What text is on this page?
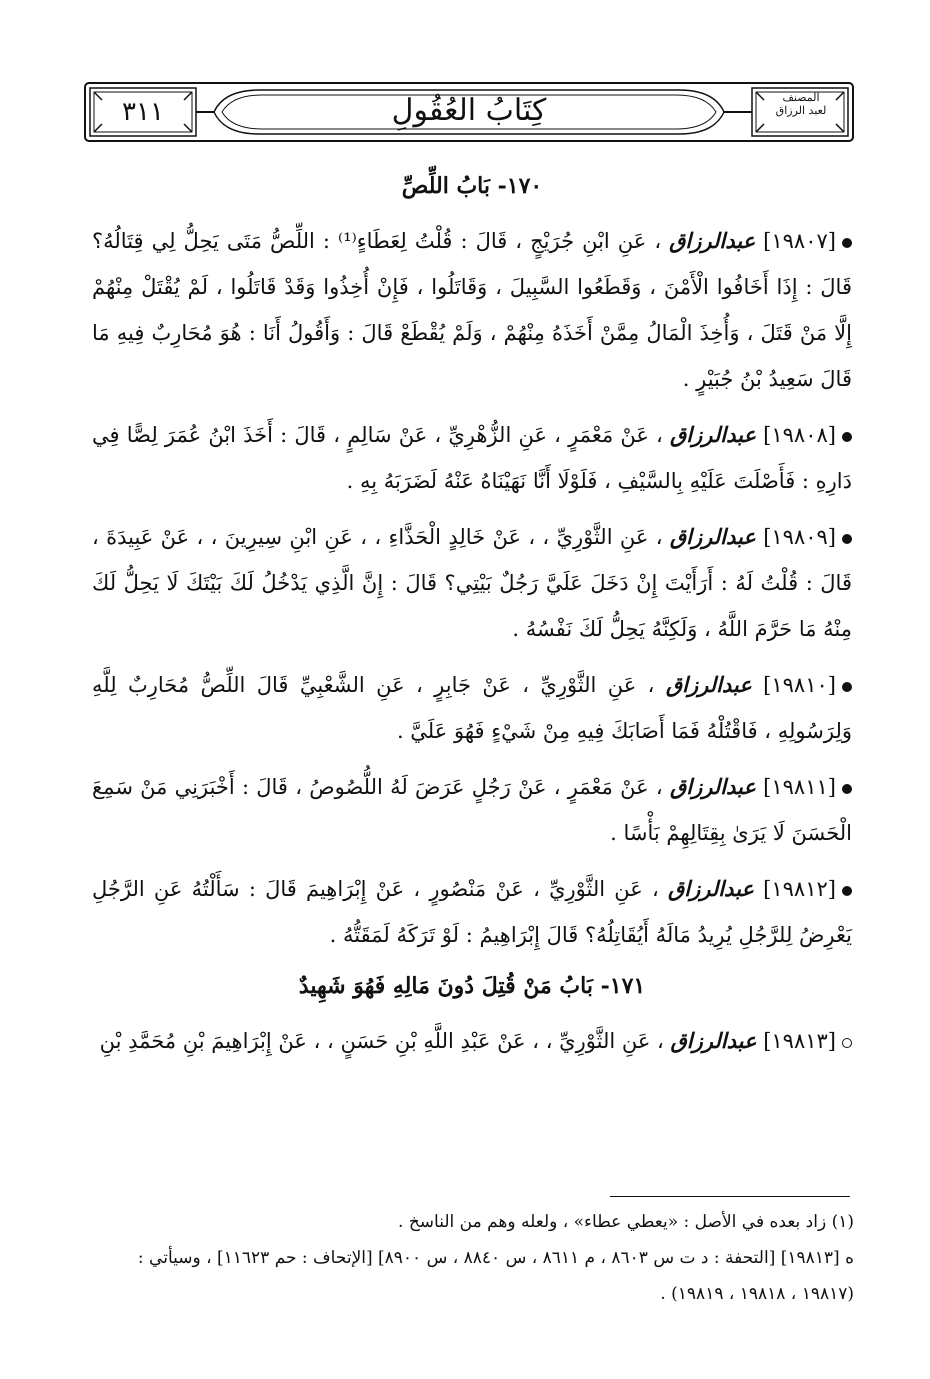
٣١١	كِتَابُ العُقُولِ	المصنف
لعبد الرزاق
١٧٠- بَابُ اللِّصِّ
[١٩٨٠٧] عبدالرزاق ، عَنِ ابْنِ جُرَيْجٍ ، قَالَ : قُلْتُ لِعَطَاءٍ⁽¹⁾ : اللِّصُّ مَتَى يَحِلُّ لِي قِتَالُهُ؟ قَالَ : إِذَا أَخَافُوا الْأَمْنَ ، وَقَطَعُوا السَّبِيلَ ، وَقَاتَلُوا ، فَإِنْ أُخِذُوا وَقَدْ قَاتَلُوا ، لَمْ يُقْتَلْ مِنْهُمْ إِلَّا مَنْ قَتَلَ ، وَأُخِذَ الْمَالُ مِمَّنْ أَخَذَهُ مِنْهُمْ ، وَلَمْ يُقْطَعْ قَالَ : وَأَقُولُ أَنَا : هُوَ مُحَارِبٌ فِيهِ مَا قَالَ سَعِيدُ بْنُ جُبَيْرٍ .
[١٩٨٠٨] عبدالرزاق ، عَنْ مَعْمَرٍ ، عَنِ الزُّهْرِيِّ ، عَنْ سَالِمٍ ، قَالَ : أَخَذَ ابْنُ عُمَرَ لِصًّا فِي دَارِهِ : فَأَصْلَتَ عَلَيْهِ بِالسَّيْفِ ، فَلَوْلَا أَنَّا نَهَيْنَاهُ عَنْهُ لَضَرَبَهُ بِهِ .
[١٩٨٠٩] عبدالرزاق ، عَنِ الثَّوْرِيِّ ، ، عَنْ خَالِدٍ الْحَذَّاءِ ، ، عَنِ ابْنِ سِيرِينَ ، ، عَنْ عَبِيدَةَ ، قَالَ : قُلْتُ لَهُ : أَرَأَيْتَ إِنْ دَخَلَ عَلَيَّ رَجُلٌ بَيْتِي؟ قَالَ : إِنَّ الَّذِي يَدْخُلُ لَكَ بَيْتَكَ لَا يَحِلُّ لَكَ مِنْهُ مَا حَرَّمَ اللَّهُ ، وَلَكِنَّهُ يَحِلُّ لَكَ نَفْسُهُ .
[١٩٨١٠] عبدالرزاق ، عَنِ الثَّوْرِيِّ ، عَنْ جَابِرٍ ، عَنِ الشَّعْبِيِّ قَالَ اللِّصُّ مُحَارِبٌ لِلَّهِ وَلِرَسُولِهِ ، فَاقْتُلْهُ فَمَا أَصَابَكَ فِيهِ مِنْ شَيْءٍ فَهُوَ عَلَيَّ .
[١٩٨١١] عبدالرزاق ، عَنْ مَعْمَرٍ ، عَنْ رَجُلٍ عَرَضَ لَهُ اللُّصُوصُ ، قَالَ : أَخْبَرَنِي مَنْ سَمِعَ الْحَسَنَ لَا يَرَىٰ بِقِتَالِهِمْ بَأْسًا .
[١٩٨١٢] عبدالرزاق ، عَنِ الثَّوْرِيِّ ، عَنْ مَنْصُورٍ ، عَنْ إِبْرَاهِيمَ قَالَ : سَأَلْتُهُ عَنِ الرَّجُلِ يَعْرِضُ لِلرَّجُلِ يُرِيدُ مَالَهُ أَيُقَاتِلُهُ؟ قَالَ إِبْرَاهِيمُ : لَوْ تَرَكَهُ لَمَقَتُّهُ .
١٧١- بَابُ مَنْ قُتِلَ دُونَ مَالِهِ فَهُوَ شَهِيدٌ
[١٩٨١٣] عبدالرزاق ، عَنِ الثَّوْرِيِّ ، ، عَنْ عَبْدِ اللَّهِ بْنِ حَسَنٍ ، ، عَنْ إِبْرَاهِيمَ بْنِ مُحَمَّدِ بْنِ

(١) زاد بعده في الأصل : «يعطي عطاء» ، ولعله وهم من الناسخ .

ه [١٩٨١٣] [التحفة : د ت س ٨٦٠٣ ، م ٨٦١١ ، س ٨٨٤٠ ، س ٨٩٠٠] [الإتحاف : حم ١١٦٢٣] ، وسيأتي : (١٩٨١٧ ، ١٩٨١٨ ، ١٩٨١٩) .
